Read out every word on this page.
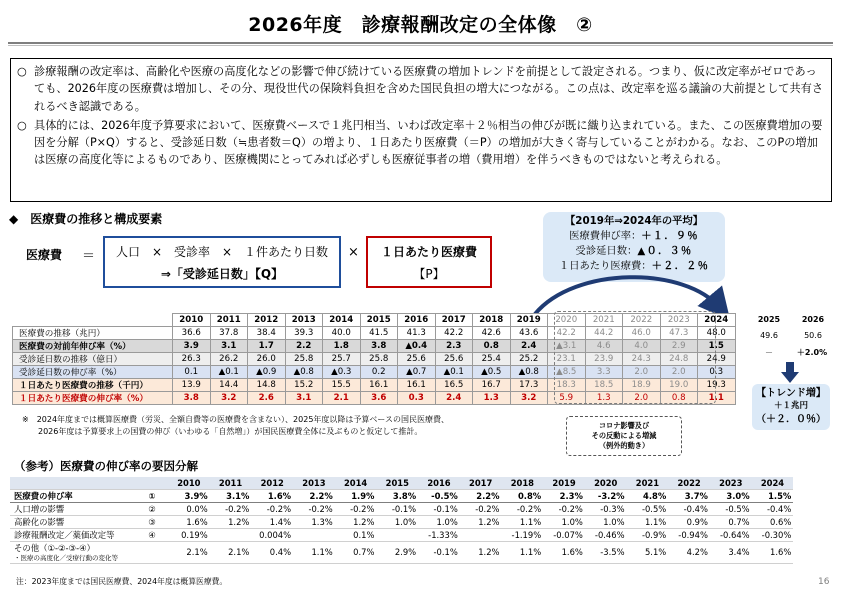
2026年度　診療報酬改定の全体像　②
○ 診療報酬の改定率は、高齢化や医療の高度化などの影響で伸び続けている医療費の増加トレンドを前提として設定される。つまり、仮に改定率がゼロであっても、2026年度の医療費は増加し、その分、現役世代の保険料負担を含めた国民負担の増大につながる。この点は、改定率を巡る議論の大前提として共有されるべき認識である。
○ 具体的には、2026年度予算要求において、医療費ベースで１兆円相当、いわば改定率＋２％相当の伸びが既に織り込まれている。また、この医療費増加の要因を分解（P×Q）すると、受診延日数（≒患者数＝Q）の増より、１日あたり医療費（＝P）の増加が大きく寄与していることがわかる。なお、このPの増加は医療の高度化等によるものであり、医療機関にとってみれば必ずしも医療従事者の増（費用増）を伴うべきものではないと考えられる。
◆　医療費の推移と構成要素
医療費 ＝	人口　×　受診率　×　１件あたり日数
⇒「受診延日数」【Q】
×	１日あたり医療費
【P】
【2019年⇒2024年の平均】
医療費伸び率：＋１．９％
受診延日数：▲０．３％
１日あたり医療費：＋２．２％
	2010	2011	2012	2013	2014	2015	2016	2017	2018	2019	2020	2021	2022	2023	2024
医療費の推移（兆円）	36.6	37.8	38.4	39.3	40.0	41.5	41.3	42.2	42.6	43.6	42.2	44.2	46.0	47.3	48.0
医療費の対前年伸び率（%）	3.9	3.1	1.7	2.2	1.8	3.8	▲0.4	2.3	0.8	2.4	▲3.1	4.6	4.0	2.9	1.5
受診延日数の推移（億日）	26.3	26.2	26.0	25.8	25.7	25.8	25.6	25.6	25.4	25.2	23.1	23.9	24.3	24.8	24.9
受診延日数の伸び率（%）	0.1	▲0.1	▲0.9	▲0.8	▲0.3	0.2	▲0.7	▲0.1	▲0.5	▲0.8	▲8.5	3.3	2.0	2.0	0.3
１日あたり医療費の推移（千円）	13.9	14.4	14.8	15.2	15.5	16.1	16.1	16.5	16.7	17.3	18.3	18.5	18.9	19.0	19.3
１日あたり医療費の伸び率（%）	3.8	3.2	2.6	3.1	2.1	3.6	0.3	2.4	1.3	3.2	5.9	1.3	2.0	0.8	1.1
コロナ影響及び
その反動による増減
（例外的動き）
2025	2026
49.6	50.6
－	＋2.0%
【トレンド増】
＋１兆円
（＋２．０％）
※　2024年度までは概算医療費（労災、全額自費等の医療費を含まない）、2025年度以降は予算ベースの国民医療費、
　　2026年度は予算要求上の国費の伸び（いわゆる「自然増」）が国民医療費全体に及ぶものと仮定して推計。
（参考）医療費の伸び率の要因分解
		2010	2011	2012	2013	2014	2015	2016	2017	2018	2019	2020	2021	2022	2023	2024

医療費の伸び率	①	3.9%	3.1%	1.6%	2.2%	1.9%	3.8%	-0.5%	2.2%	0.8%	2.3%	-3.2%	4.8%	3.7%	3.0%	1.5%

人口増の影響	②	0.0%	-0.2%	-0.2%	-0.2%	-0.2%	-0.1%	-0.1%	-0.2%	-0.2%	-0.2%	-0.3%	-0.5%	-0.4%	-0.5%	-0.4%

高齢化の影響	③	1.6%	1.2%	1.4%	1.3%	1.2%	1.0%	1.0%	1.2%	1.1%	1.0%	1.0%	1.1%	0.9%	0.7%	0.6%

診療報酬改定／薬価改定等	④	0.19%		0.004%		0.1%		-1.33%		-1.19%	-0.07%	-0.46%	-0.9%	-0.94%	-0.64%	-0.30%

その他（①-②-③-④）
・医療の高度化／受療行動の変化等		2.1%	2.1%	0.4%	1.1%	0.7%	2.9%	-0.1%	1.2%	1.1%	1.6%	-3.5%	5.1%	4.2%	3.4%	1.6%
注：2023年度までは国民医療費、2024年度は概算医療費。	16
